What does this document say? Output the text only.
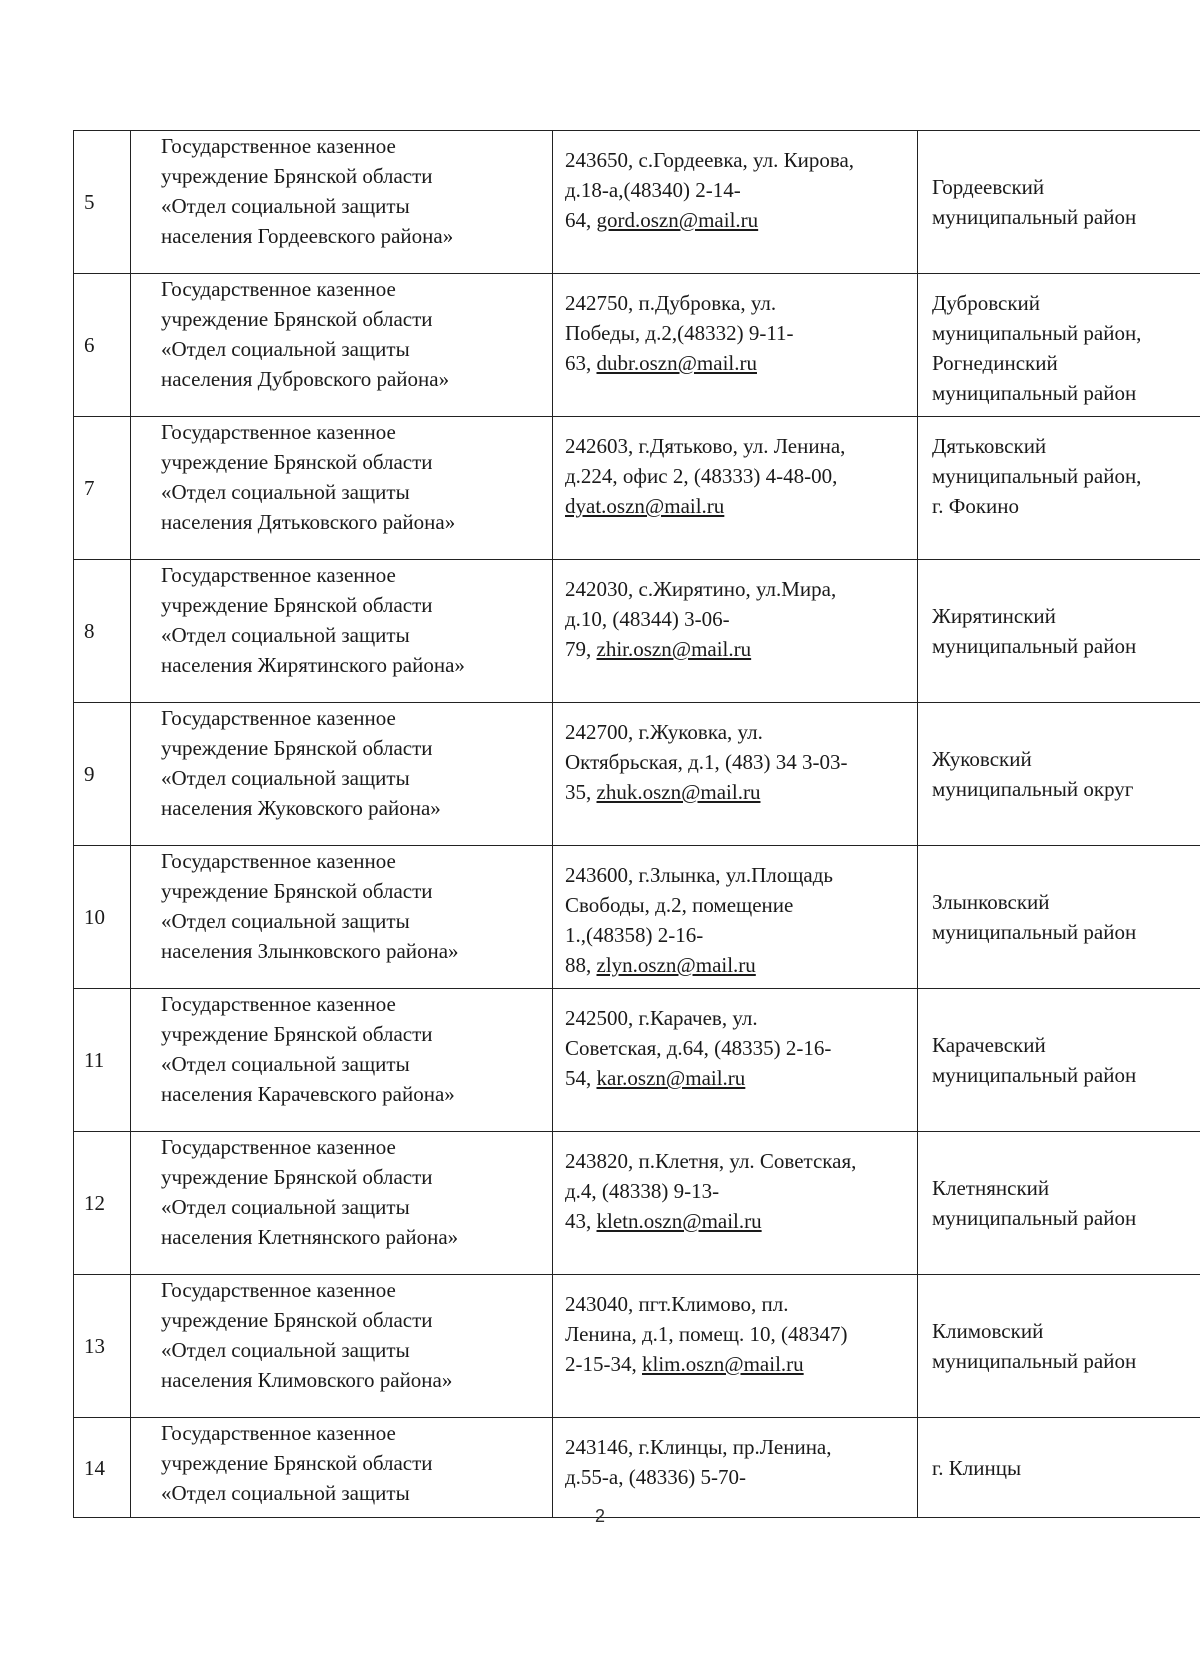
5	Государственное казенное
учреждение Брянской области
«Отдел социальной защиты
населения Гордеевского района»	243650, с.Гордеевка, ул. Кирова,
д.18-а,(48340) 2-14-
64, gord.oszn@mail.ru	Гордеевский
муниципальный район

6	Государственное казенное
учреждение Брянской области
«Отдел социальной защиты
населения Дубровского района»	242750, п.Дубровка, ул.
Победы, д.2,(48332) 9-11-
63, dubr.oszn@mail.ru	Дубровский
муниципальный район,
Рогнединский
муниципальный район

7	Государственное казенное
учреждение Брянской области
«Отдел социальной защиты
населения Дятьковского района»	242603, г.Дятьково, ул. Ленина,
д.224, офис 2, (48333) 4-48-00,
dyat.oszn@mail.ru	Дятьковский
муниципальный район,
г. Фокино

8	Государственное казенное
учреждение Брянской области
«Отдел социальной защиты
населения Жирятинского района»	242030, с.Жирятино, ул.Мира,
д.10, (48344) 3-06-
79, zhir.oszn@mail.ru	Жирятинский
муниципальный район

9	Государственное казенное
учреждение Брянской области
«Отдел социальной защиты
населения Жуковского района»	242700, г.Жуковка, ул.
Октябрьская, д.1, (483) 34 3-03-
35, zhuk.oszn@mail.ru	Жуковский
муниципальный округ

10	Государственное казенное
учреждение Брянской области
«Отдел социальной защиты
населения Злынковского района»	243600, г.Злынка, ул.Площадь
Свободы, д.2, помещение
1.,(48358) 2-16-
88, zlyn.oszn@mail.ru	Злынковский
муниципальный район

11	Государственное казенное
учреждение Брянской области
«Отдел социальной защиты
населения Карачевского района»	242500, г.Карачев, ул.
Советская, д.64, (48335) 2-16-
54, kar.oszn@mail.ru	Карачевский
муниципальный район

12	Государственное казенное
учреждение Брянской области
«Отдел социальной защиты
населения Клетнянского района»	243820, п.Клетня, ул. Советская,
д.4, (48338) 9-13-
43, kletn.oszn@mail.ru	Клетнянский
муниципальный район

13	Государственное казенное
учреждение Брянской области
«Отдел социальной защиты
населения Климовского района»	243040, пгт.Климово, пл.
Ленина, д.1, помещ. 10, (48347)
2-15-34, klim.oszn@mail.ru	Климовский
муниципальный район

14	Государственное казенное
учреждение Брянской области
«Отдел социальной защиты	243146, г.Клинцы, пр.Ленина,
д.55-а, (48336) 5-70-	г. Клинцы
2
